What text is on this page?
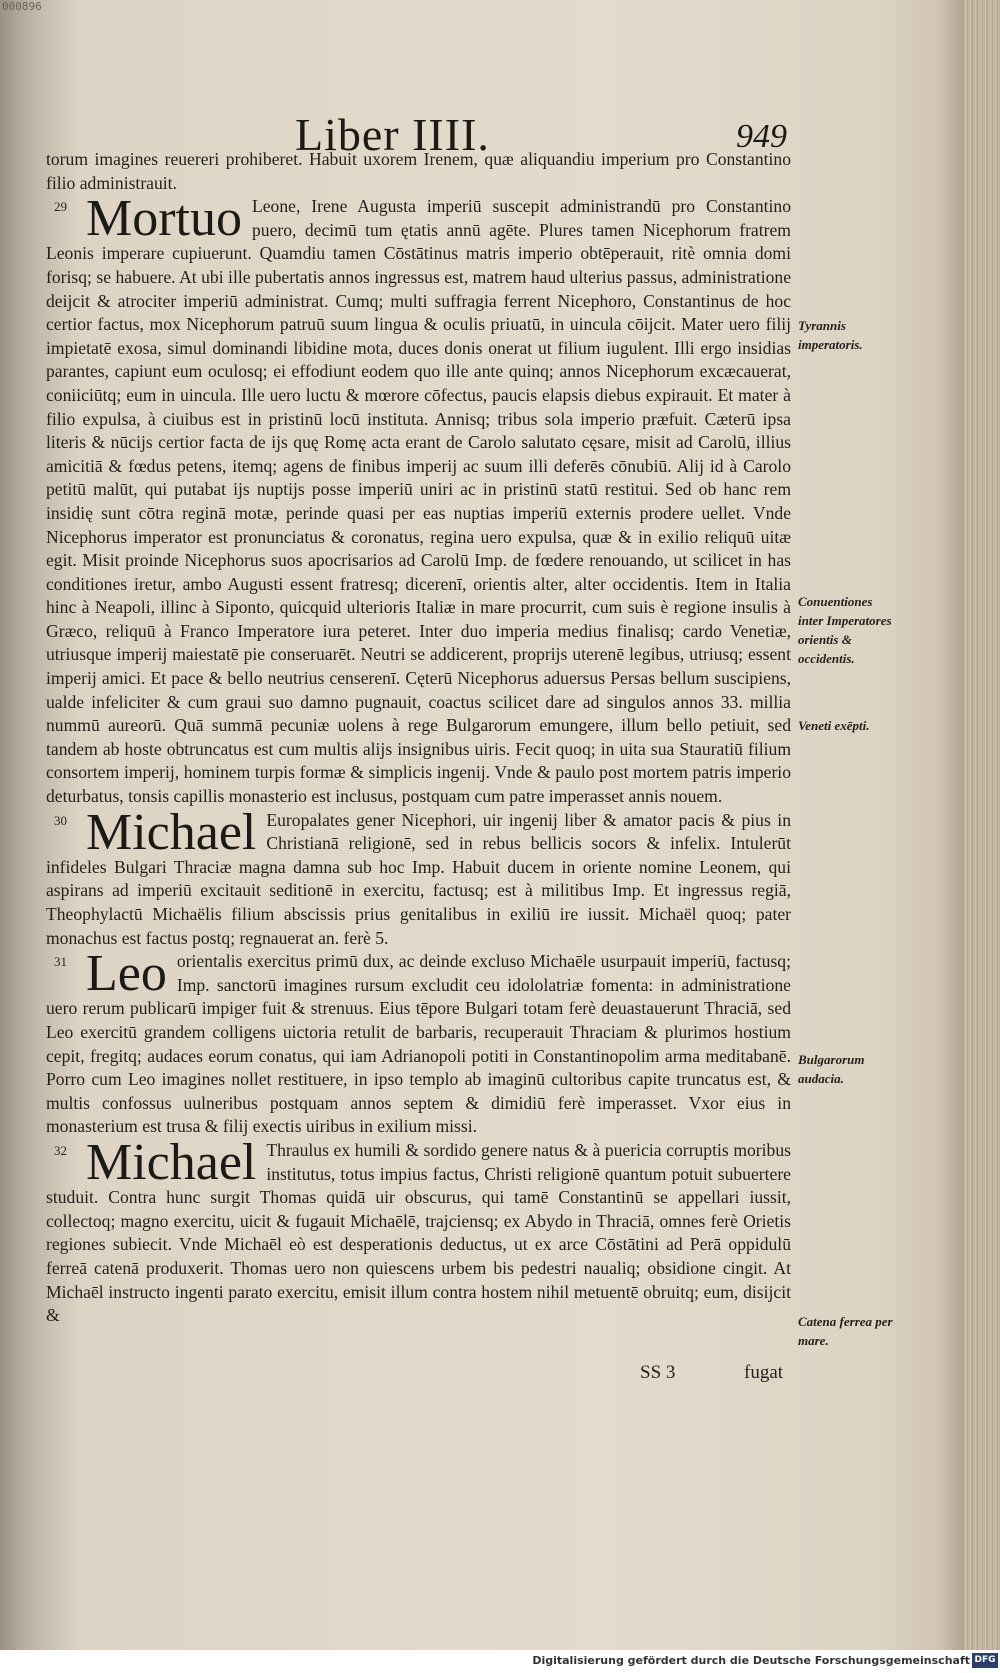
000896
Liber IIII.	949

torum imagines reuereri prohiberet. Habuit uxorem Irenem, quæ aliquandiu imperium pro Constantino filio administrauit.

29 Mortuo Leone, Irene Augusta imperiū suscepit administrandū pro Constantino puero, decimū tum ętatis annū agēte. Plures tamen Nicephorum fratrem Leonis imperare cupiuerunt. Quamdiu tamen Cōstātinus matris imperio obtēperauit, ritè omnia domi forisq; se habuere. At ubi ille pubertatis annos ingressus est, matrem haud ulterius passus, administratione deijcit & atrociter imperiū administrat. Cumq; multi suffragia ferrent Nicephoro, Constantinus de hoc certior factus, mox Nicephorum patruū suum lingua & oculis priuatū, in uincula cōijcit. Mater uero filij impietatē exosa, simul dominandi libidine mota, duces donis onerat ut filium iugulent. Illi ergo insidias parantes, capiunt eum oculosq; ei effodiunt eodem quo ille ante quinq; annos Nicephorum excæcauerat, coniiciūtq; eum in uincula. Ille uero luctu & mœrore cōfectus, paucis elapsis diebus expirauit. Et mater à filio expulsa, à ciuibus est in pristinū locū instituta. Annisq; tribus sola imperio præfuit. Cæterū ipsa literis & nūcijs certior facta de ijs quę Romę acta erant de Carolo salutato cęsare, misit ad Carolū, illius amicitiā & fœdus petens, itemq; agens de finibus imperij ac suum illi deferēs cōnubiū. Alij id à Carolo petitū malūt, qui putabat ijs nuptijs posse imperiū uniri ac in pristinū statū restitui. Sed ob hanc rem insidię sunt cōtra reginā motæ, perinde quasi per eas nuptias imperiū externis prodere uellet. Vnde Nicephorus imperator est pronunciatus & coronatus, regina uero expulsa, quæ & in exilio reliquū uitæ egit. Misit proinde Nicephorus suos apocrisarios ad Carolū Imp. de fœdere renouando, ut scilicet in has conditiones iretur, ambo Augusti essent fratresq; dicerenī, orientis alter, alter occidentis. Item in Italia hinc à Neapoli, illinc à Siponto, quicquid ulterioris Italiæ in mare procurrit, cum suis è regione insulis à Græco, reliquū à Franco Imperatore iura peteret. Inter duo imperia medius finalisq; cardo Venetiæ, utriusque imperij maiestatē pie conseruarēt. Neutri se addicerent, proprijs uterenē legibus, utriusq; essent imperij amici. Et pace & bello neutrius censerenī. Cęterū Nicephorus aduersus Persas bellum suscipiens, ualde infeliciter & cum graui suo damno pugnauit, coactus scilicet dare ad singulos annos 33. millia nummū aureorū. Quā summā pecuniæ uolens à rege Bulgarorum emungere, illum bello petiuit, sed tandem ab hoste obtruncatus est cum multis alijs insignibus uiris. Fecit quoq; in uita sua Stauratiū filium consortem imperij, hominem turpis formæ & simplicis ingenij. Vnde & paulo post mortem patris imperio deturbatus, tonsis capillis monasterio est inclusus, postquam cum patre imperasset annis nouem.

30 Michael Europalates gener Nicephori, uir ingenij liber & amator pacis & pius in Christianā religionē, sed in rebus bellicis socors & infelix. Intulerūt infideles Bulgari Thraciæ magna damna sub hoc Imp. Habuit ducem in oriente nomine Leonem, qui aspirans ad imperiū excitauit seditionē in exercitu, factusq; est à militibus Imp. Et ingressus regiā, Theophylactū Michaëlis filium abscissis prius genitalibus in exiliū ire iussit. Michaël quoq; pater monachus est factus postq; regnauerat an. ferè 5.

31 Leo orientalis exercitus primū dux, ac deinde excluso Michaēle usurpauit imperiū, factusq; Imp. sanctorū imagines rursum excludit ceu idololatriæ fomenta: in administratione uero rerum publicarū impiger fuit & strenuus. Eius tēpore Bulgari totam ferè deuastauerunt Thraciā, sed Leo exercitū grandem colligens uictoria retulit de barbaris, recuperauit Thraciam & plurimos hostium cepit, fregitq; audaces eorum conatus, qui iam Adrianopoli potiti in Constantinopolim arma meditabanē. Porro cum Leo imagines nollet restituere, in ipso templo ab imaginū cultoribus capite truncatus est, & multis confossus uulneribus postquam annos septem & dimidiū ferè imperasset. Vxor eius in monasterium est trusa & filij exectis uiribus in exilium missi.

32 Michael Thraulus ex humili & sordido genere natus & à puericia corruptis moribus institutus, totus impius factus, Christi religionē quantum potuit subuertere studuit. Contra hunc surgit Thomas quidā uir obscurus, qui tamē Constantinū se appellari iussit, collectoq; magno exercitu, uicit & fugauit Michaēlē, trajciensq; ex Abydo in Thraciā, omnes ferè Orietis regiones subiecit. Vnde Michaēl eò est desperationis deductus, ut ex arce Cōstātini ad Perā oppidulū ferreā catenā produxerit. Thomas uero non quiescens urbem bis pedestri naualiq; obsidione cingit. At Michaēl instructo ingenti parato exercitu, emisit illum contra hostem nihil metuentē obruitq; eum, disijcit &

Tyrannis imperatoris.
Conuentiones inter Imperatores orientis & occidentis.
Veneti exēpti.
Bulgarorum audacia.
Catena ferrea per mare.
SS 3	fugat
Digitalisierung gefördert durch die Deutsche Forschungsgemeinschaft DFG
